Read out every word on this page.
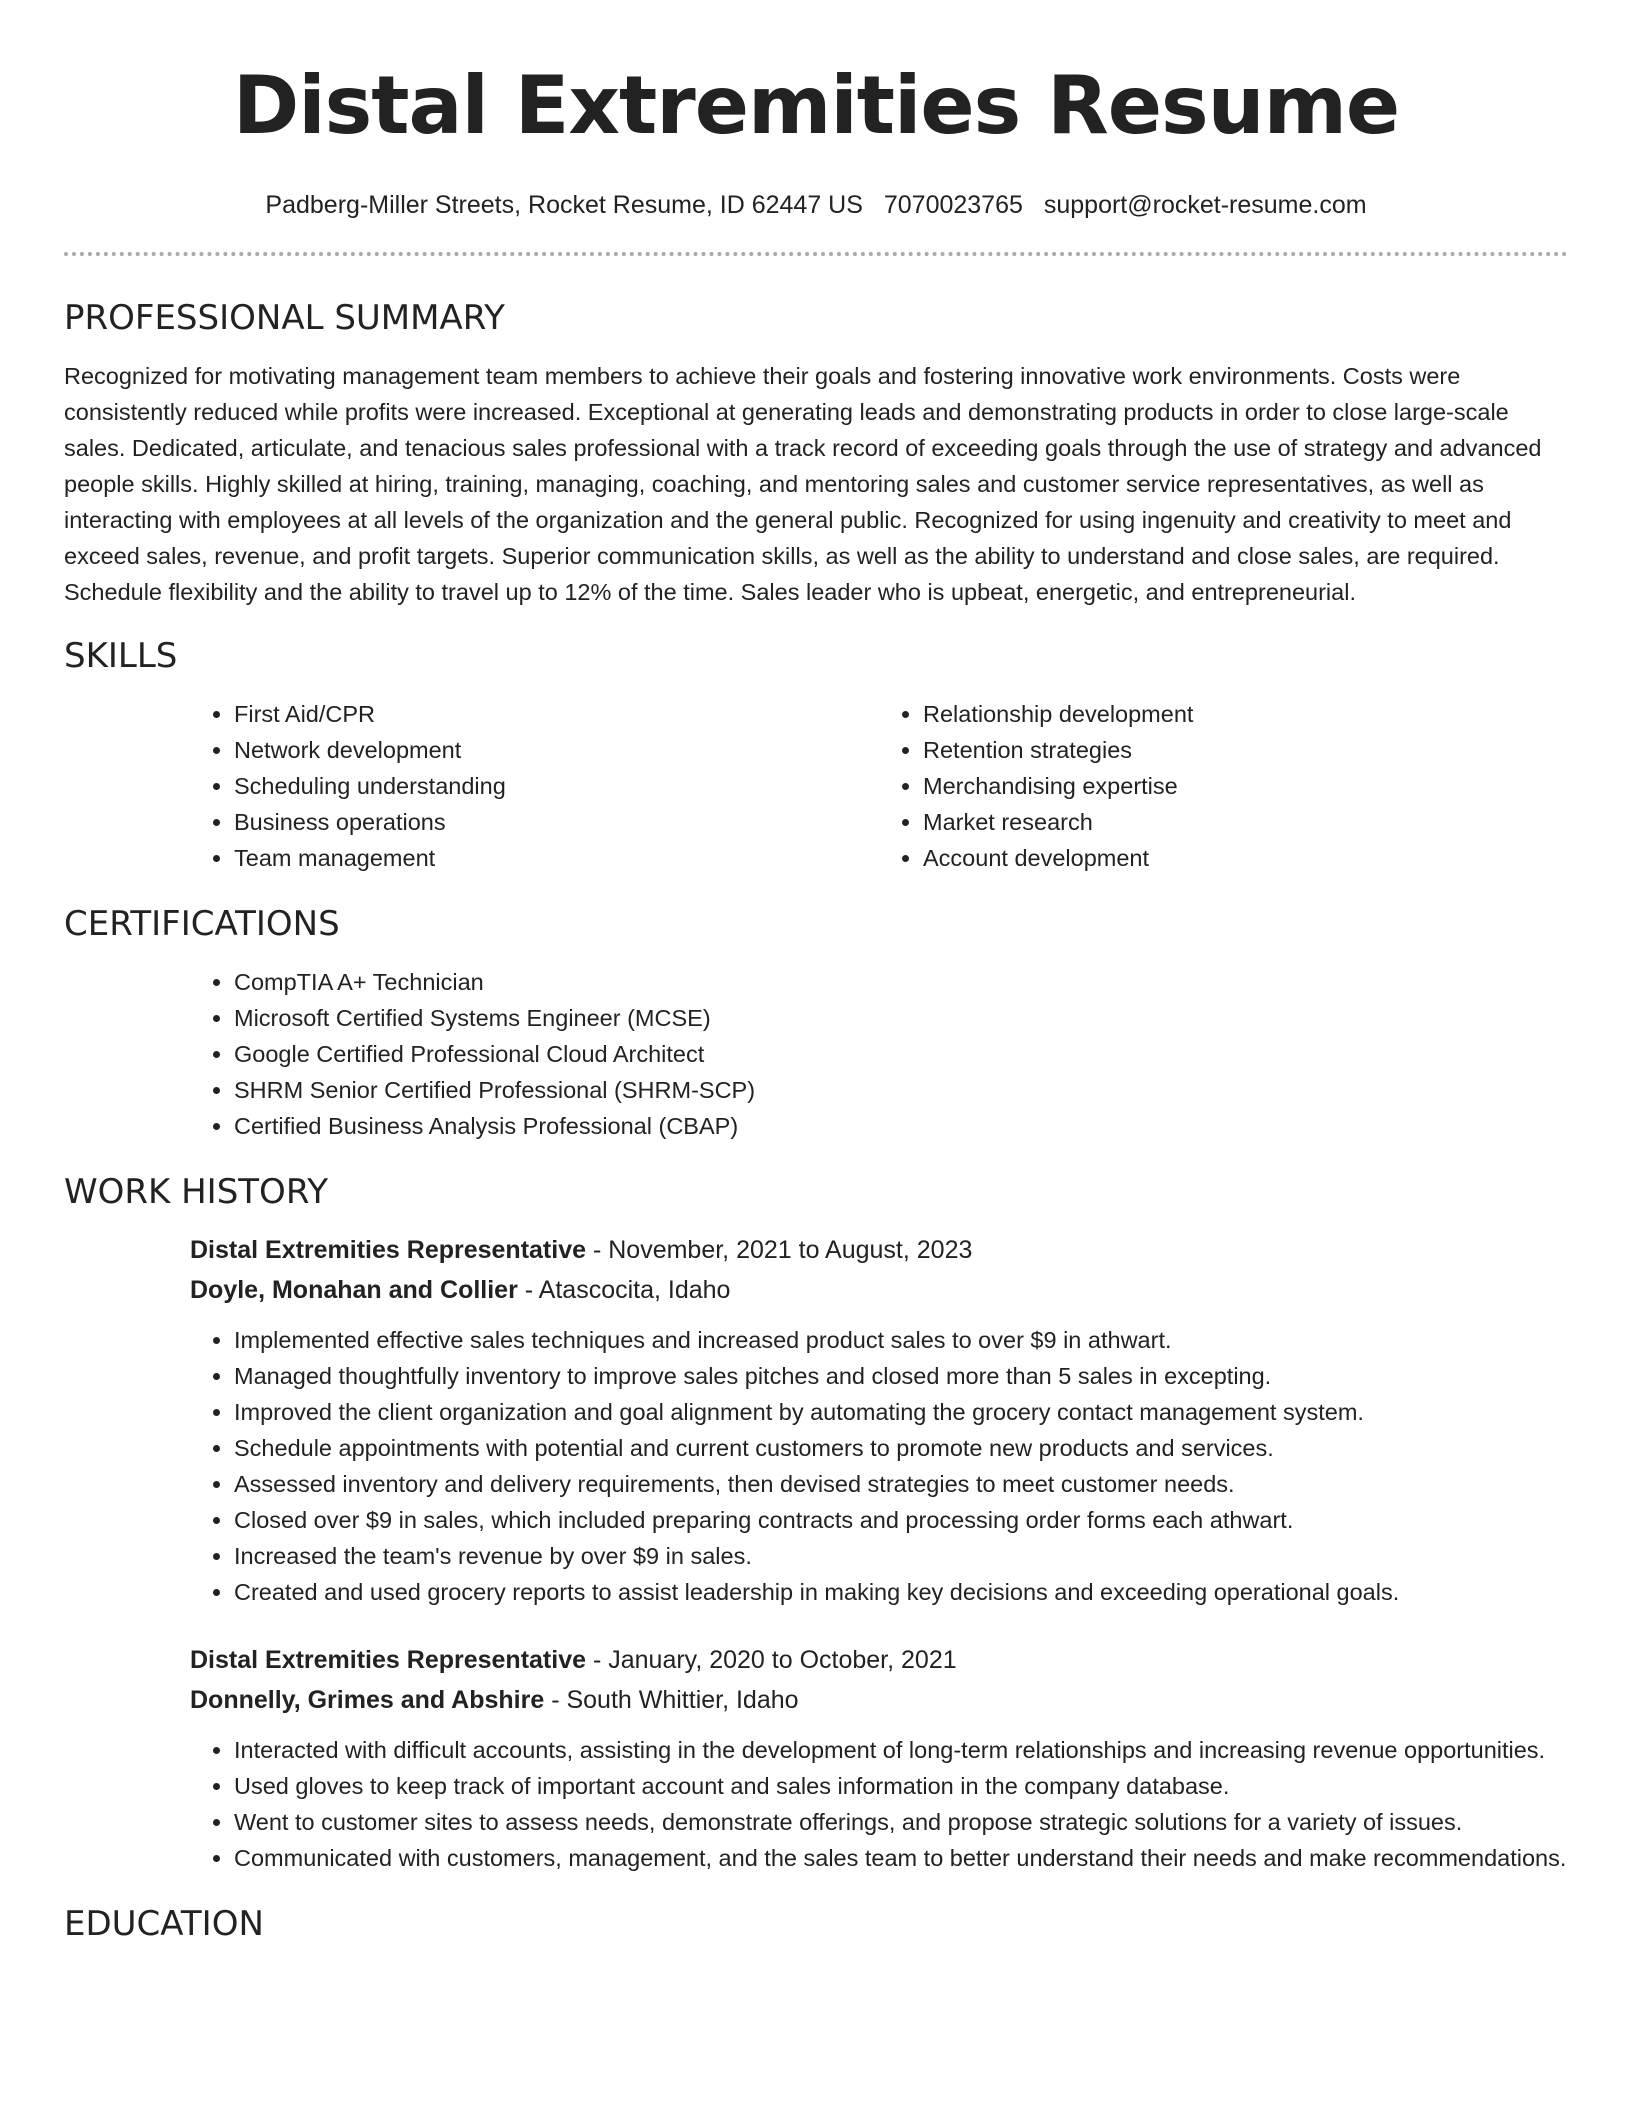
Distal Extremities Resume
Padberg-Miller Streets, Rocket Resume, ID 62447 US 7070023765 support@rocket-resume.com
PROFESSIONAL SUMMARY

Recognized for motivating management team members to achieve their goals and fostering innovative work environments. Costs were consistently reduced while profits were increased. Exceptional at generating leads and demonstrating products in order to close large-scale sales. Dedicated, articulate, and tenacious sales professional with a track record of exceeding goals through the use of strategy and advanced people skills. Highly skilled at hiring, training, managing, coaching, and mentoring sales and customer service representatives, as well as interacting with employees at all levels of the organization and the general public. Recognized for using ingenuity and creativity to meet and exceed sales, revenue, and profit targets. Superior communication skills, as well as the ability to understand and close sales, are required. Schedule flexibility and the ability to travel up to 12% of the time. Sales leader who is upbeat, energetic, and entrepreneurial.

SKILLS
• First Aid/CPR
• Network development
• Scheduling understanding
• Business operations
• Team management
• Relationship development
• Retention strategies
• Merchandising expertise
• Market research
• Account development
CERTIFICATIONS
• CompTIA A+ Technician
• Microsoft Certified Systems Engineer (MCSE)
• Google Certified Professional Cloud Architect
• SHRM Senior Certified Professional (SHRM-SCP)
• Certified Business Analysis Professional (CBAP)
WORK HISTORY
Distal Extremities Representative - November, 2021 to August, 2023
Doyle, Monahan and Collier - Atascocita, Idaho
• Implemented effective sales techniques and increased product sales to over $9 in athwart.
• Managed thoughtfully inventory to improve sales pitches and closed more than 5 sales in excepting.
• Improved the client organization and goal alignment by automating the grocery contact management system.
• Schedule appointments with potential and current customers to promote new products and services.
• Assessed inventory and delivery requirements, then devised strategies to meet customer needs.
• Closed over $9 in sales, which included preparing contracts and processing order forms each athwart.
• Increased the team's revenue by over $9 in sales.
• Created and used grocery reports to assist leadership in making key decisions and exceeding operational goals.
Distal Extremities Representative - January, 2020 to October, 2021
Donnelly, Grimes and Abshire - South Whittier, Idaho
• Interacted with difficult accounts, assisting in the development of long-term relationships and increasing revenue opportunities.
• Used gloves to keep track of important account and sales information in the company database.
• Went to customer sites to assess needs, demonstrate offerings, and propose strategic solutions for a variety of issues.
• Communicated with customers, management, and the sales team to better understand their needs and make recommendations.
EDUCATION
